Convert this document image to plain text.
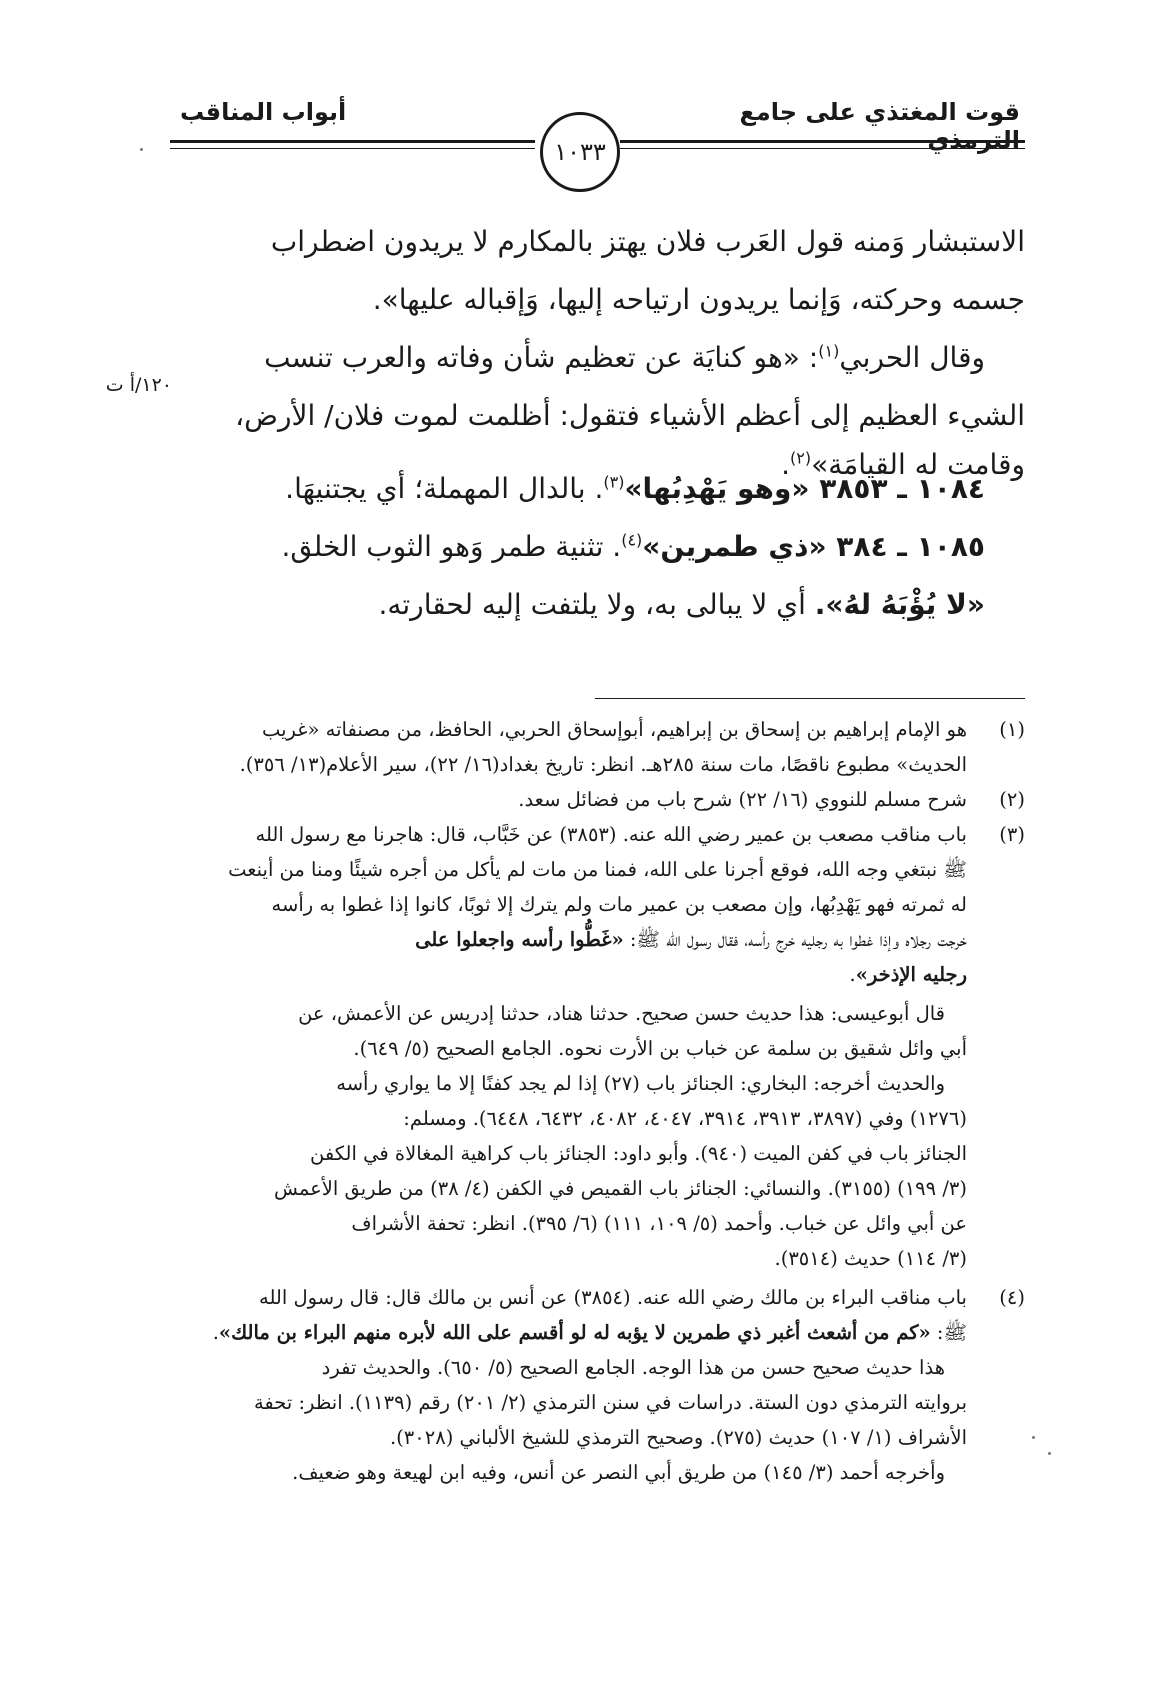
قوت المغتذي على جامع الترمذي
أبواب المناقب
١٠٣٣
١٢٠/أ ت
الاستبشار وَمنه قول العَرب فلان يهتز بالمكارم لا يريدون اضطراب
جسمه وحركته، وَإنما يريدون ارتياحه إليها، وَإقباله عليها».
وقال الحربي$^{(١)}$: «هو كنايَة عن تعظيم شأن وفاته والعرب تنسب
الشيء العظيم إلى أعظم الأشياء فتقول: أظلمت لموت فلان/ الأرض،
وقامت له القيامَة»$^{(٢)}$.
١٠٨٤ ـ ٣٨٥٣ «وهو يَهْدِبُها»$^{(٣)}$. بالدال المهملة؛ أي يجتنيهَا.
١٠٨٥ ـ ٣٨٤ «ذي طمرين»$^{(٤)}$. تثنية طمر وَهو الثوب الخلق.
«لا يُؤْبَهُ لهُ». أي لا يبالى به، ولا يلتفت إليه لحقارته.
(١)

هو الإمام إبراهيم بن إسحاق بن إبراهيم، أبوإسحاق الحربي، الحافظ، من مصنفاته «غريب

الحديث» مطبوع ناقصًا، مات سنة ٢٨٥هـ. انظر: تاريخ بغداد(١٦/ ٢٢)، سير الأعلام(١٣/ ٣٥٦).

(٢)

شرح مسلم للنووي (١٦/ ٢٢) شرح باب من فضائل سعد.

(٣)

باب مناقب مصعب بن عمير رضي الله عنه. (٣٨٥٣) عن خَبَّاب، قال: هاجرنا مع رسول الله

ﷺ نبتغي وجه الله، فوقع أجرنا على الله، فمنا من مات لم يأكل من أجره شيئًا ومنا من أينعت

له ثمرته فهو يَهْدِبُها، وإن مصعب بن عمير مات ولم يترك إلا ثوبًا، كانوا إذا غطوا به رأسه

خرجت رجلاه وإذا غطوا به رجليه خرج رأسه، فقال رسول الله ﷺ: «غَطُّوا رأسه واجعلوا على

رجليه الإذخر».

قال أبوعيسى: هذا حديث حسن صحيح. حدثنا هناد، حدثنا إدريس عن الأعمش، عن

أبي وائل شقيق بن سلمة عن خباب بن الأرت نحوه. الجامع الصحيح (٥/ ٦٤٩).

والحديث أخرجه: البخاري: الجنائز باب (٢٧) إذا لم يجد كفنًا إلا ما يواري رأسه

(١٢٧٦) وفي (٣٨٩٧، ٣٩١٣، ٣٩١٤، ٤٠٤٧، ٤٠٨٢، ٦٤٣٢، ٦٤٤٨). ومسلم:

الجنائز باب في كفن الميت (٩٤٠). وأبو داود: الجنائز باب كراهية المغالاة في الكفن

(٣/ ١٩٩) (٣١٥٥). والنسائي: الجنائز باب القميص في الكفن (٤/ ٣٨) من طريق الأعمش

عن أبي وائل عن خباب. وأحمد (٥/ ١٠٩، ١١١) (٦/ ٣٩٥). انظر: تحفة الأشراف

(٣/ ١١٤) حديث (٣٥١٤).

(٤)

باب مناقب البراء بن مالك رضي الله عنه. (٣٨٥٤) عن أنس بن مالك قال: قال رسول الله

ﷺ: «كم من أشعث أغبر ذي طمرين لا يؤبه له لو أقسم على الله لأبره منهم البراء بن مالك».

هذا حديث صحيح حسن من هذا الوجه. الجامع الصحيح (٥/ ٦٥٠). والحديث تفرد

بروايته الترمذي دون الستة. دراسات في سنن الترمذي (٢/ ٢٠١) رقم (١١٣٩). انظر: تحفة

الأشراف (١/ ١٠٧) حديث (٢٧٥). وصحيح الترمذي للشيخ الألباني (٣٠٢٨).

وأخرجه أحمد (٣/ ١٤٥) من طريق أبي النصر عن أنس، وفيه ابن لهيعة وهو ضعيف.
